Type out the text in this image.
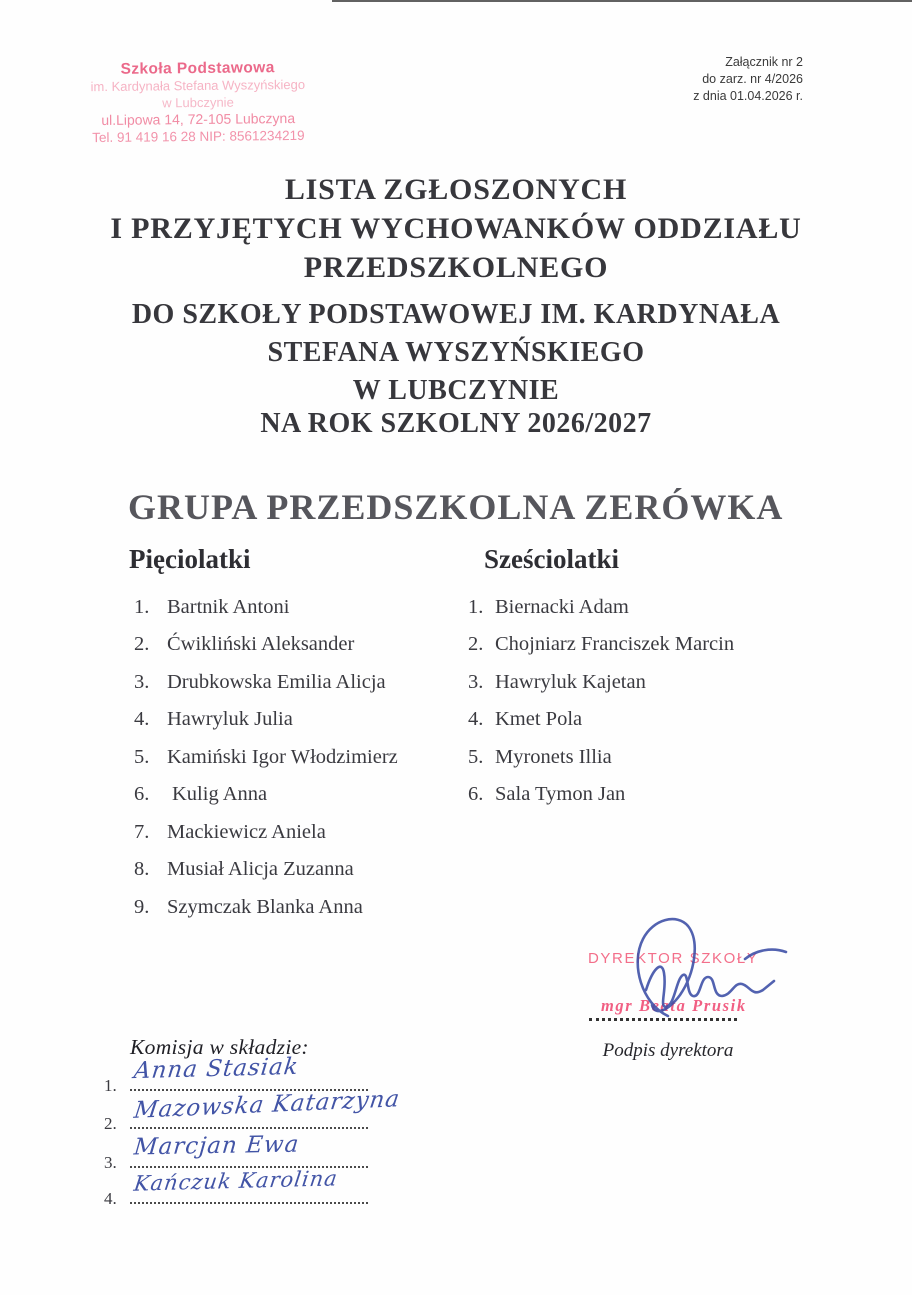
Szkoła Podstawowa
im. Kardynała Stefana Wyszyńskiego
w Lubczynie
ul.Lipowa 14, 72-105 Lubczyna
Tel. 91 419 16 28 NIP: 8561234219
Załącznik nr 2
do zarz. nr 4/2026
z dnia 01.04.2026 r.
LISTA ZGŁOSZONYCH
I PRZYJĘTYCH WYCHOWANKÓW ODDZIAŁU
PRZEDSZKOLNEGO
DO SZKOŁY PODSTAWOWEJ IM. KARDYNAŁA
STEFANA WYSZYŃSKIEGO
W LUBCZYNIE
NA ROK SZKOLNY 2026/2027
GRUPA PRZEDSZKOLNA ZERÓWKA
Pięciolatki	Sześciolatki
1. Bartnik Antoni
2. Ćwikliński Aleksander
3. Drubkowska Emilia Alicja
4. Hawryluk Julia
5. Kamiński Igor Włodzimierz
6. Kulig Anna
7. Mackiewicz Aniela
8. Musiał Alicja Zuzanna
9. Szymczak Blanka Anna
1. Biernacki Adam
2. Chojniarz Franciszek Marcin
3. Hawryluk Kajetan
4. Kmet Pola
5. Myronets Illia
6. Sala Tymon Jan
DYREKTOR SZKOŁY
mgr Beata Prusik
Podpis dyrektora
Komisja w składzie:
1.
Anna Stasiak
2. Mazowska Katarzyna
3.
Marcjan Ewa
4.
Kańczuk Karolina
